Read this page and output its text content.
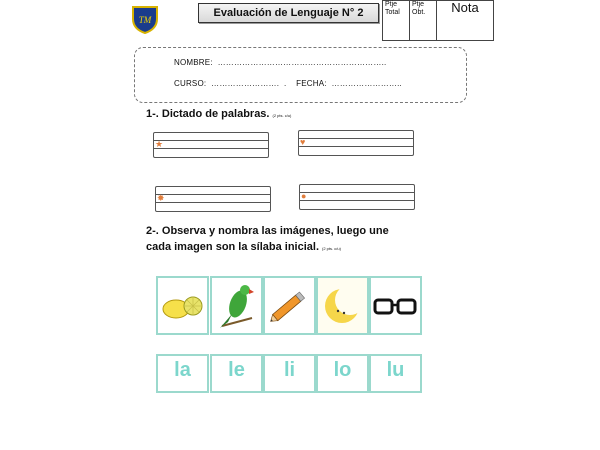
TM
Evaluación de Lenguaje N° 2
Ptje Total	Ptje Obt.	Nota
NOMBRE:  ……………………………………………………..
CURSO:  …………………….  .    FECHA:  ……………………..
1-. Dictado de palabras. (2 pts. c/u)
★	♥
✸	●
2-. Observa y nombra las imágenes, luego une cada imagen son la sílaba inicial. (2 pts. c/u)
la	le	li	lo	lu
